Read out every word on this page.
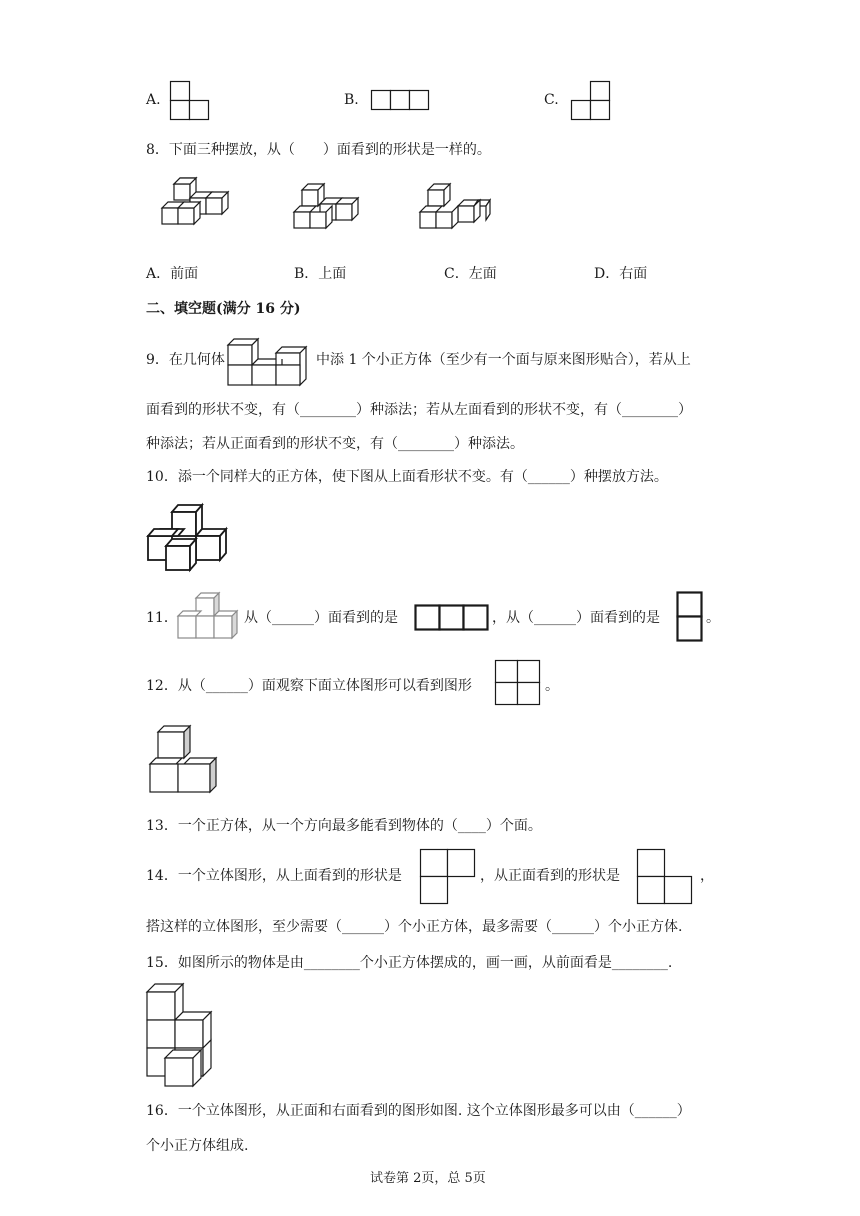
A.	B.	C.
8．下面三种摆放，从（　　）面看到的形状是一样的。
A．前面	B．上面	C．左面	D．右面
二、填空题(满分 16 分)
9．在几何体	中添 1 个小正方体（至少有一个面与原来图形贴合），若从上
面看到的形状不变，有（________）种添法；若从左面看到的形状不变，有（________）
种添法；若从正面看到的形状不变，有（________）种添法。
10．添一个同样大的正方体，使下图从上面看形状不变。有（______）种摆放方法。
11．	从（______）面看到的是	，从（______）面看到的是	。
12．从（______）面观察下面立体图形可以看到图形	。
13．一个正方体，从一个方向最多能看到物体的（____）个面。
14．一个立体图形，从上面看到的形状是	，从正面看到的形状是	，
搭这样的立体图形，至少需要（______）个小正方体，最多需要（______）个小正方体.
15．如图所示的物体是由________个小正方体摆成的，画一画，从前面看是________.
16．一个立体图形，从正面和右面看到的图形如图. 这个立体图形最多可以由（______）
个小正方体组成.
试卷第 2页，总 5页
